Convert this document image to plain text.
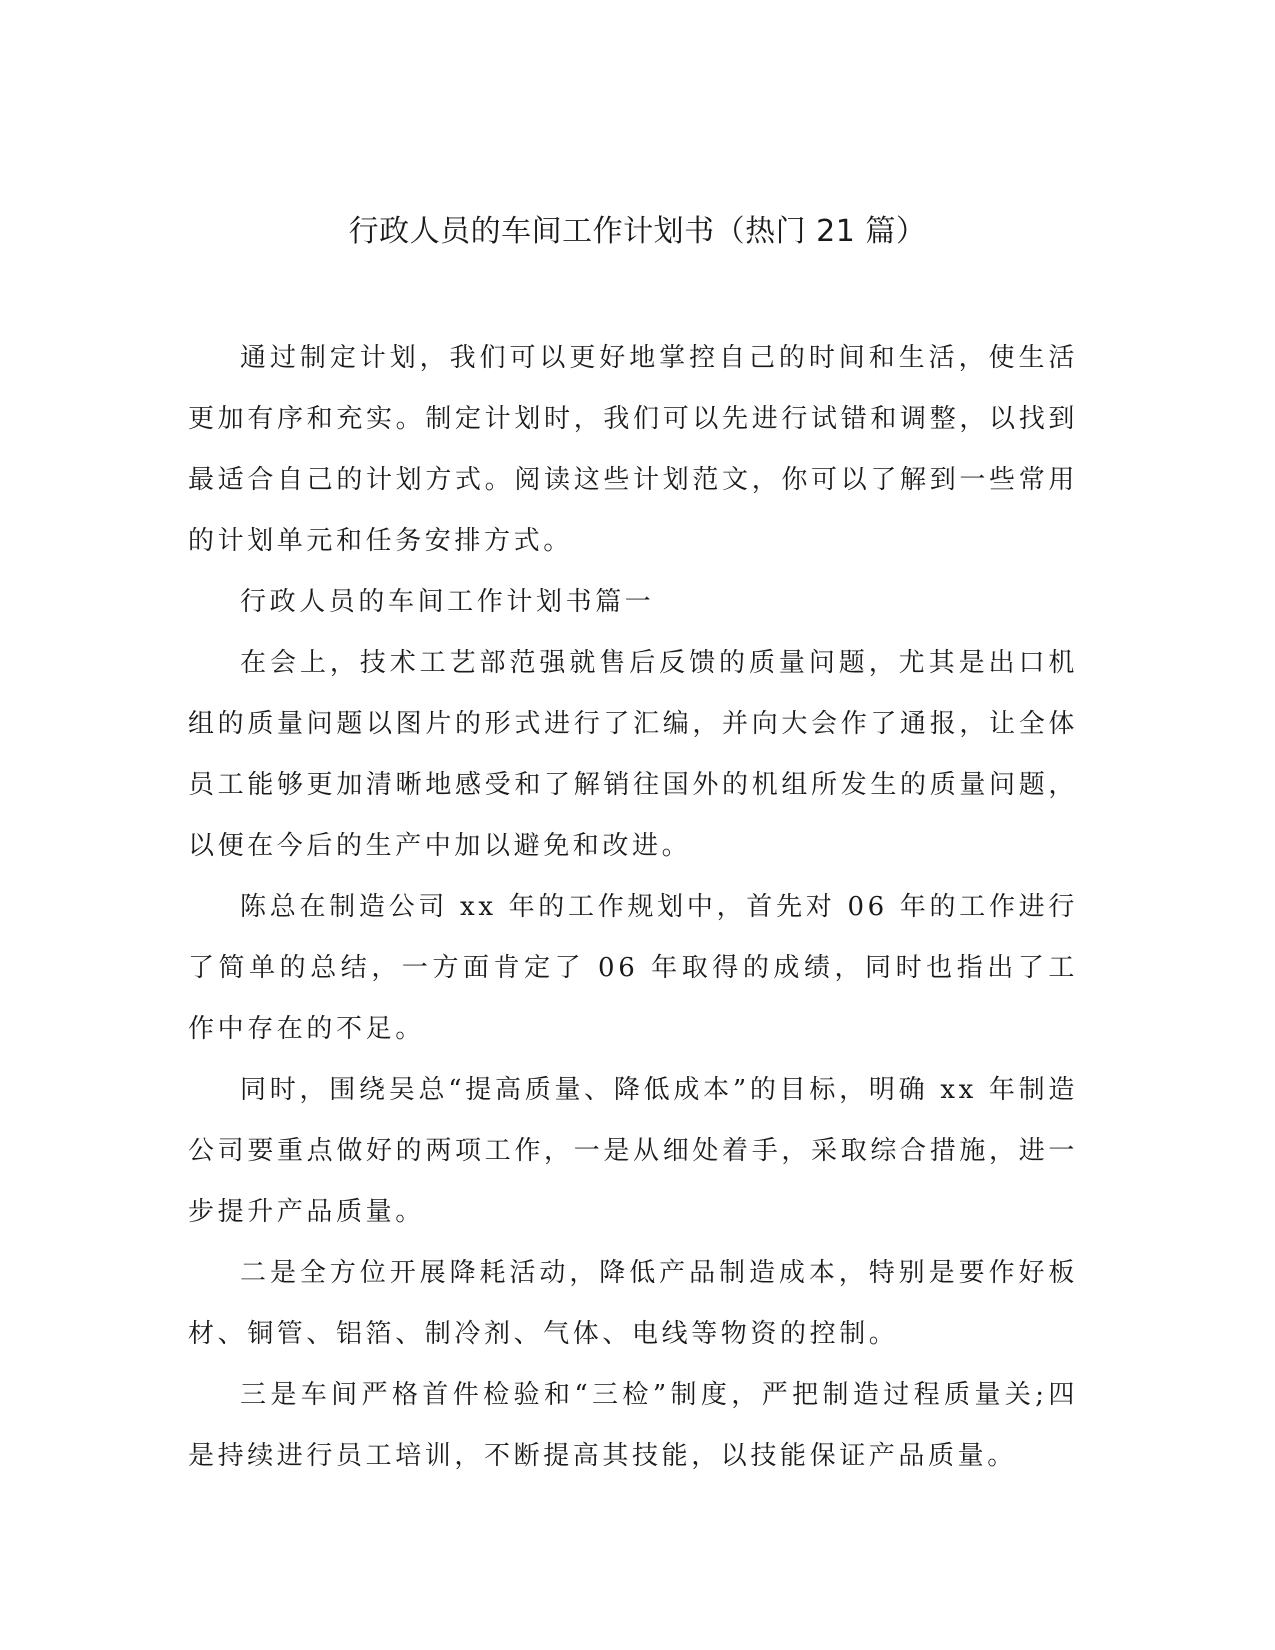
行政人员的车间工作计划书（热门 21 篇）

通过制定计划，我们可以更好地掌控自己的时间和生活，使生活更加有序和充实。制定计划时，我们可以先进行试错和调整，以找到最适合自己的计划方式。阅读这些计划范文，你可以了解到一些常用的计划单元和任务安排方式。

行政人员的车间工作计划书篇一

在会上，技术工艺部范强就售后反馈的质量问题，尤其是出口机组的质量问题以图片的形式进行了汇编，并向大会作了通报，让全体员工能够更加清晰地感受和了解销往国外的机组所发生的质量问题，以便在今后的生产中加以避免和改进。

陈总在制造公司 xx 年的工作规划中，首先对 06 年的工作进行了简单的总结，一方面肯定了 06 年取得的成绩，同时也指出了工作中存在的不足。

同时，围绕吴总“提高质量、降低成本”的目标，明确 xx 年制造公司要重点做好的两项工作，一是从细处着手，采取综合措施，进一步提升产品质量。

二是全方位开展降耗活动，降低产品制造成本，特别是要作好板材、铜管、铝箔、制冷剂、气体、电线等物资的控制。

三是车间严格首件检验和“三检”制度，严把制造过程质量关;四是持续进行员工培训，不断提高其技能，以技能保证产品质量。
